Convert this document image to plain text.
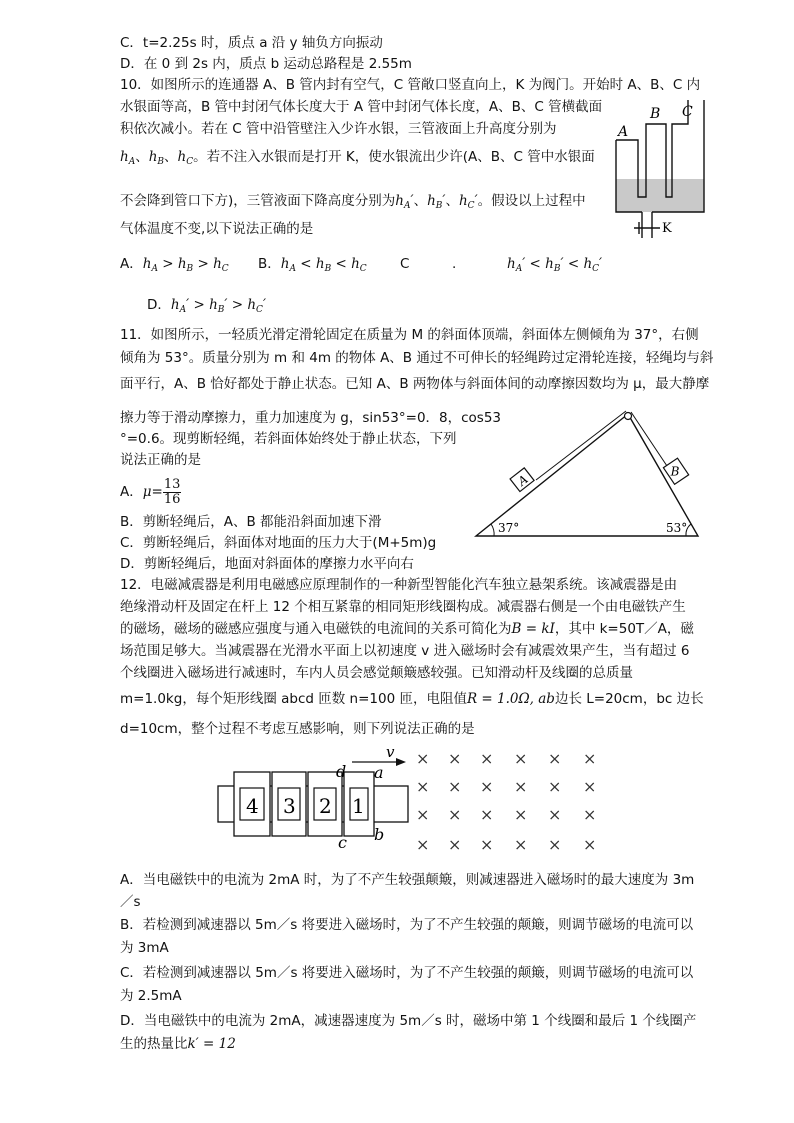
C．t=2.25s 时，质点 a 沿 y 轴负方向振动
D．在 0 到 2s 内，质点 b 运动总路程是 2.55m
10．如图所示的连通器 A、B 管内封有空气，C 管敞口竖直向上，K 为阀门。开始时 A、B、C 内
水银面等高，B 管中封闭气体长度大于 A 管中封闭气体长度，A、B、C 管横截面
积依次减小。若在 C 管中沿管壁注入少许水银，三管液面上升高度分别为
$h_A$、$h_B$、$h_C$。若不注入水银而是打开 K，使水银流出少许(A、B、C 管中水银面
不会降到管口下方)，三管液面下降高度分别为$h_A'$、$h_B'$、$h_C'$。假设以上过程中
气体温度不变,以下说法正确的是
A．$h_A > h_B > h_C$ B．$h_A < h_B < h_C$ C	.	$h_A' < h_B' < h_C'$
D．$h_A' > h_B' > h_C'$
A
B C
K
11．如图所示，一轻质光滑定滑轮固定在质量为 M 的斜面体顶端，斜面体左侧倾角为 37°，右侧
倾角为 53°。质量分别为 m 和 4m 的物体 A、B 通过不可伸长的轻绳跨过定滑轮连接，轻绳均与斜
面平行，A、B 恰好都处于静止状态。已知 A、B 两物体与斜面体间的动摩擦因数均为 μ，最大静摩
擦力等于滑动摩擦力，重力加速度为 g，sin53°=0．8，cos53
°=0.6。现剪断轻绳，若斜面体始终处于静止状态，下列
说法正确的是
A．$\mu= \frac{13}{16}$
B．剪断轻绳后，A、B 都能沿斜面加速下滑
C．剪断轻绳后，斜面体对地面的压力大于(M+5m)g
D．剪断轻绳后，地面对斜面体的摩擦力水平向右
A
B
37°	53°
12．电磁减震器是利用电磁感应原理制作的一种新型智能化汽车独立悬架系统。该减震器是由
绝缘滑动杆及固定在杆上 12 个相互紧靠的相同矩形线圈构成。减震器右侧是一个由电磁铁产生
的磁场，磁场的磁感应强度与通入电磁铁的电流间的关系可简化为B = kI，其中 k=50T／A，磁
场范围足够大。当减震器在光滑水平面上以初速度 v 进入磁场时会有减震效果产生，当有超过 6
个线圈进入磁场进行减速时，车内人员会感觉颠簸感较强。已知滑动杆及线圈的总质量
m=1.0kg，每个矩形线圈 abcd 匝数 n=100 匝，电阻值R = 1.0Ω, ab边长 L=20cm，bc 边长
d=10cm，整个过程不考虑互感影响，则下列说法正确的是
1
2
3
4
v
d a
c b
× × × × × ×
× × × × × ×
× × × × × ×
× × × × × ×
A．当电磁铁中的电流为 2mA 时，为了不产生较强颠簸，则减速器进入磁场时的最大速度为 3m
／s
B．若检测到减速器以 5m／s 将要进入磁场时，为了不产生较强的颠簸，则调节磁场的电流可以
为 3mA
C．若检测到减速器以 5m／s 将要进入磁场时，为了不产生较强的颠簸，则调节磁场的电流可以
为 2.5mA
D．当电磁铁中的电流为 2mA，减速器速度为 5m／s 时，磁场中第 1 个线圈和最后 1 个线圈产
生的热量比k′ = 12
